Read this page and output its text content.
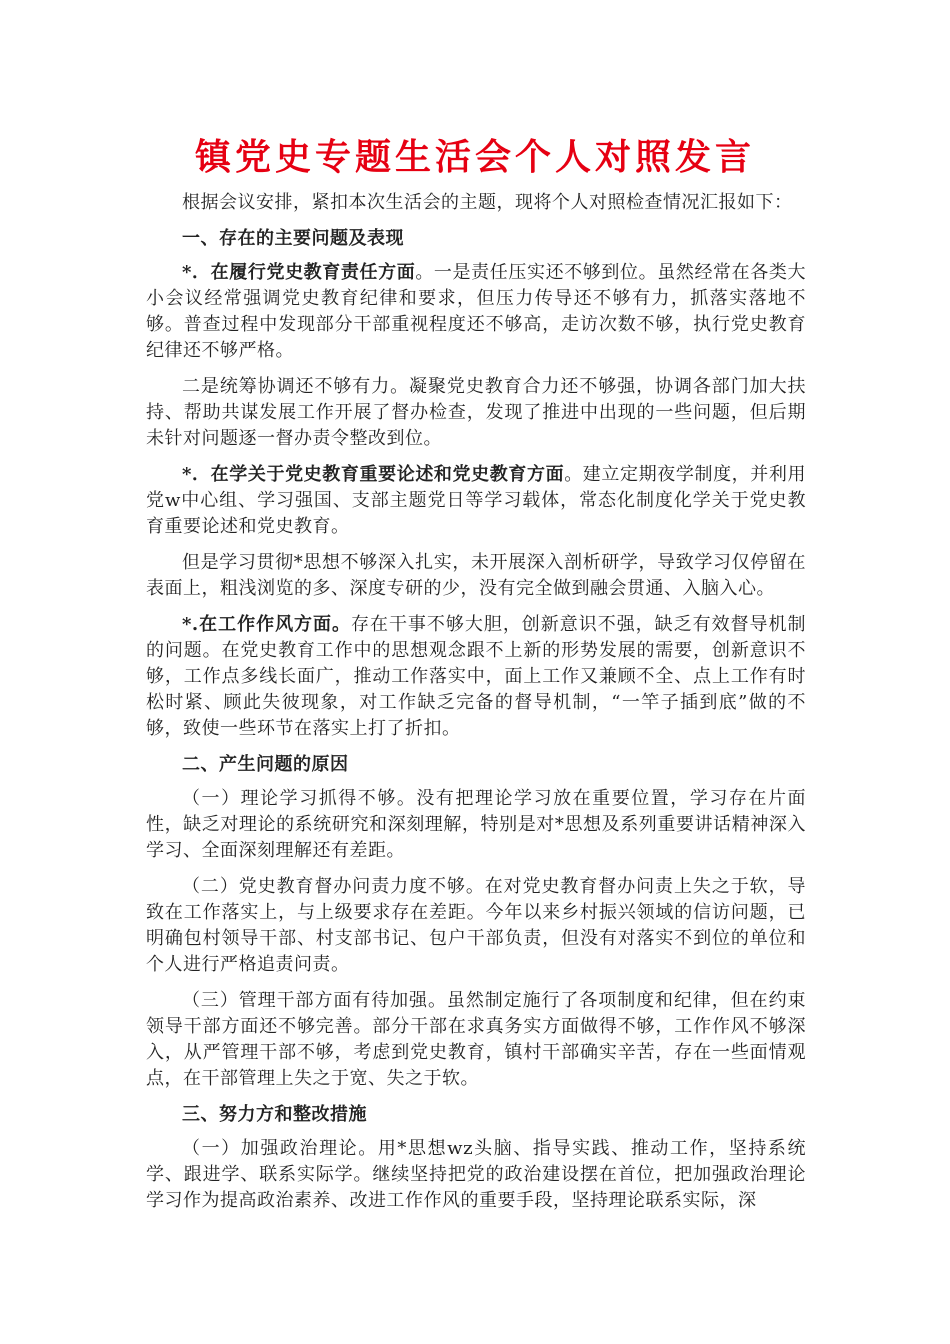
镇党史专题生活会个人对照发言

根据会议安排，紧扣本次生活会的主题，现将个人对照检查情况汇报如下：

一、存在的主要问题及表现

*．在履行党史教育责任方面。一是责任压实还不够到位。虽然经常在各类大小会议经常强调党史教育纪律和要求，但压力传导还不够有力，抓落实落地不够。普查过程中发现部分干部重视程度还不够高，走访次数不够，执行党史教育纪律还不够严格。

二是统筹协调还不够有力。凝聚党史教育合力还不够强，协调各部门加大扶持、帮助共谋发展工作开展了督办检查，发现了推进中出现的一些问题，但后期未针对问题逐一督办责令整改到位。

*．在学关于党史教育重要论述和党史教育方面。建立定期夜学制度，并利用党w中心组、学习强国、支部主题党日等学习载体，常态化制度化学关于党史教育重要论述和党史教育。

但是学习贯彻*思想不够深入扎实，未开展深入剖析研学，导致学习仅停留在表面上，粗浅浏览的多、深度专研的少，没有完全做到融会贯通、入脑入心。

*.在工作作风方面。存在干事不够大胆，创新意识不强，缺乏有效督导机制的问题。在党史教育工作中的思想观念跟不上新的形势发展的需要，创新意识不够，工作点多线长面广，推动工作落实中，面上工作又兼顾不全、点上工作有时松时紧、顾此失彼现象，对工作缺乏完备的督导机制，“一竿子插到底”做的不够，致使一些环节在落实上打了折扣。

二、产生问题的原因

（一）理论学习抓得不够。没有把理论学习放在重要位置，学习存在片面性，缺乏对理论的系统研究和深刻理解，特别是对*思想及系列重要讲话精神深入学习、全面深刻理解还有差距。

（二）党史教育督办问责力度不够。在对党史教育督办问责上失之于软，导致在工作落实上，与上级要求存在差距。今年以来乡村振兴领域的信访问题，已明确包村领导干部、村支部书记、包户干部负责，但没有对落实不到位的单位和个人进行严格追责问责。

（三）管理干部方面有待加强。虽然制定施行了各项制度和纪律，但在约束领导干部方面还不够完善。部分干部在求真务实方面做得不够，工作作风不够深入，从严管理干部不够，考虑到党史教育，镇村干部确实辛苦，存在一些面情观点，在干部管理上失之于宽、失之于软。

三、努力方和整改措施

（一）加强政治理论。用*思想wz头脑、指导实践、推动工作，坚持系统学、跟进学、联系实际学。继续坚持把党的政治建设摆在首位，把加强政治理论学习作为提高政治素养、改进工作作风的重要手段，坚持理论联系实际，深
